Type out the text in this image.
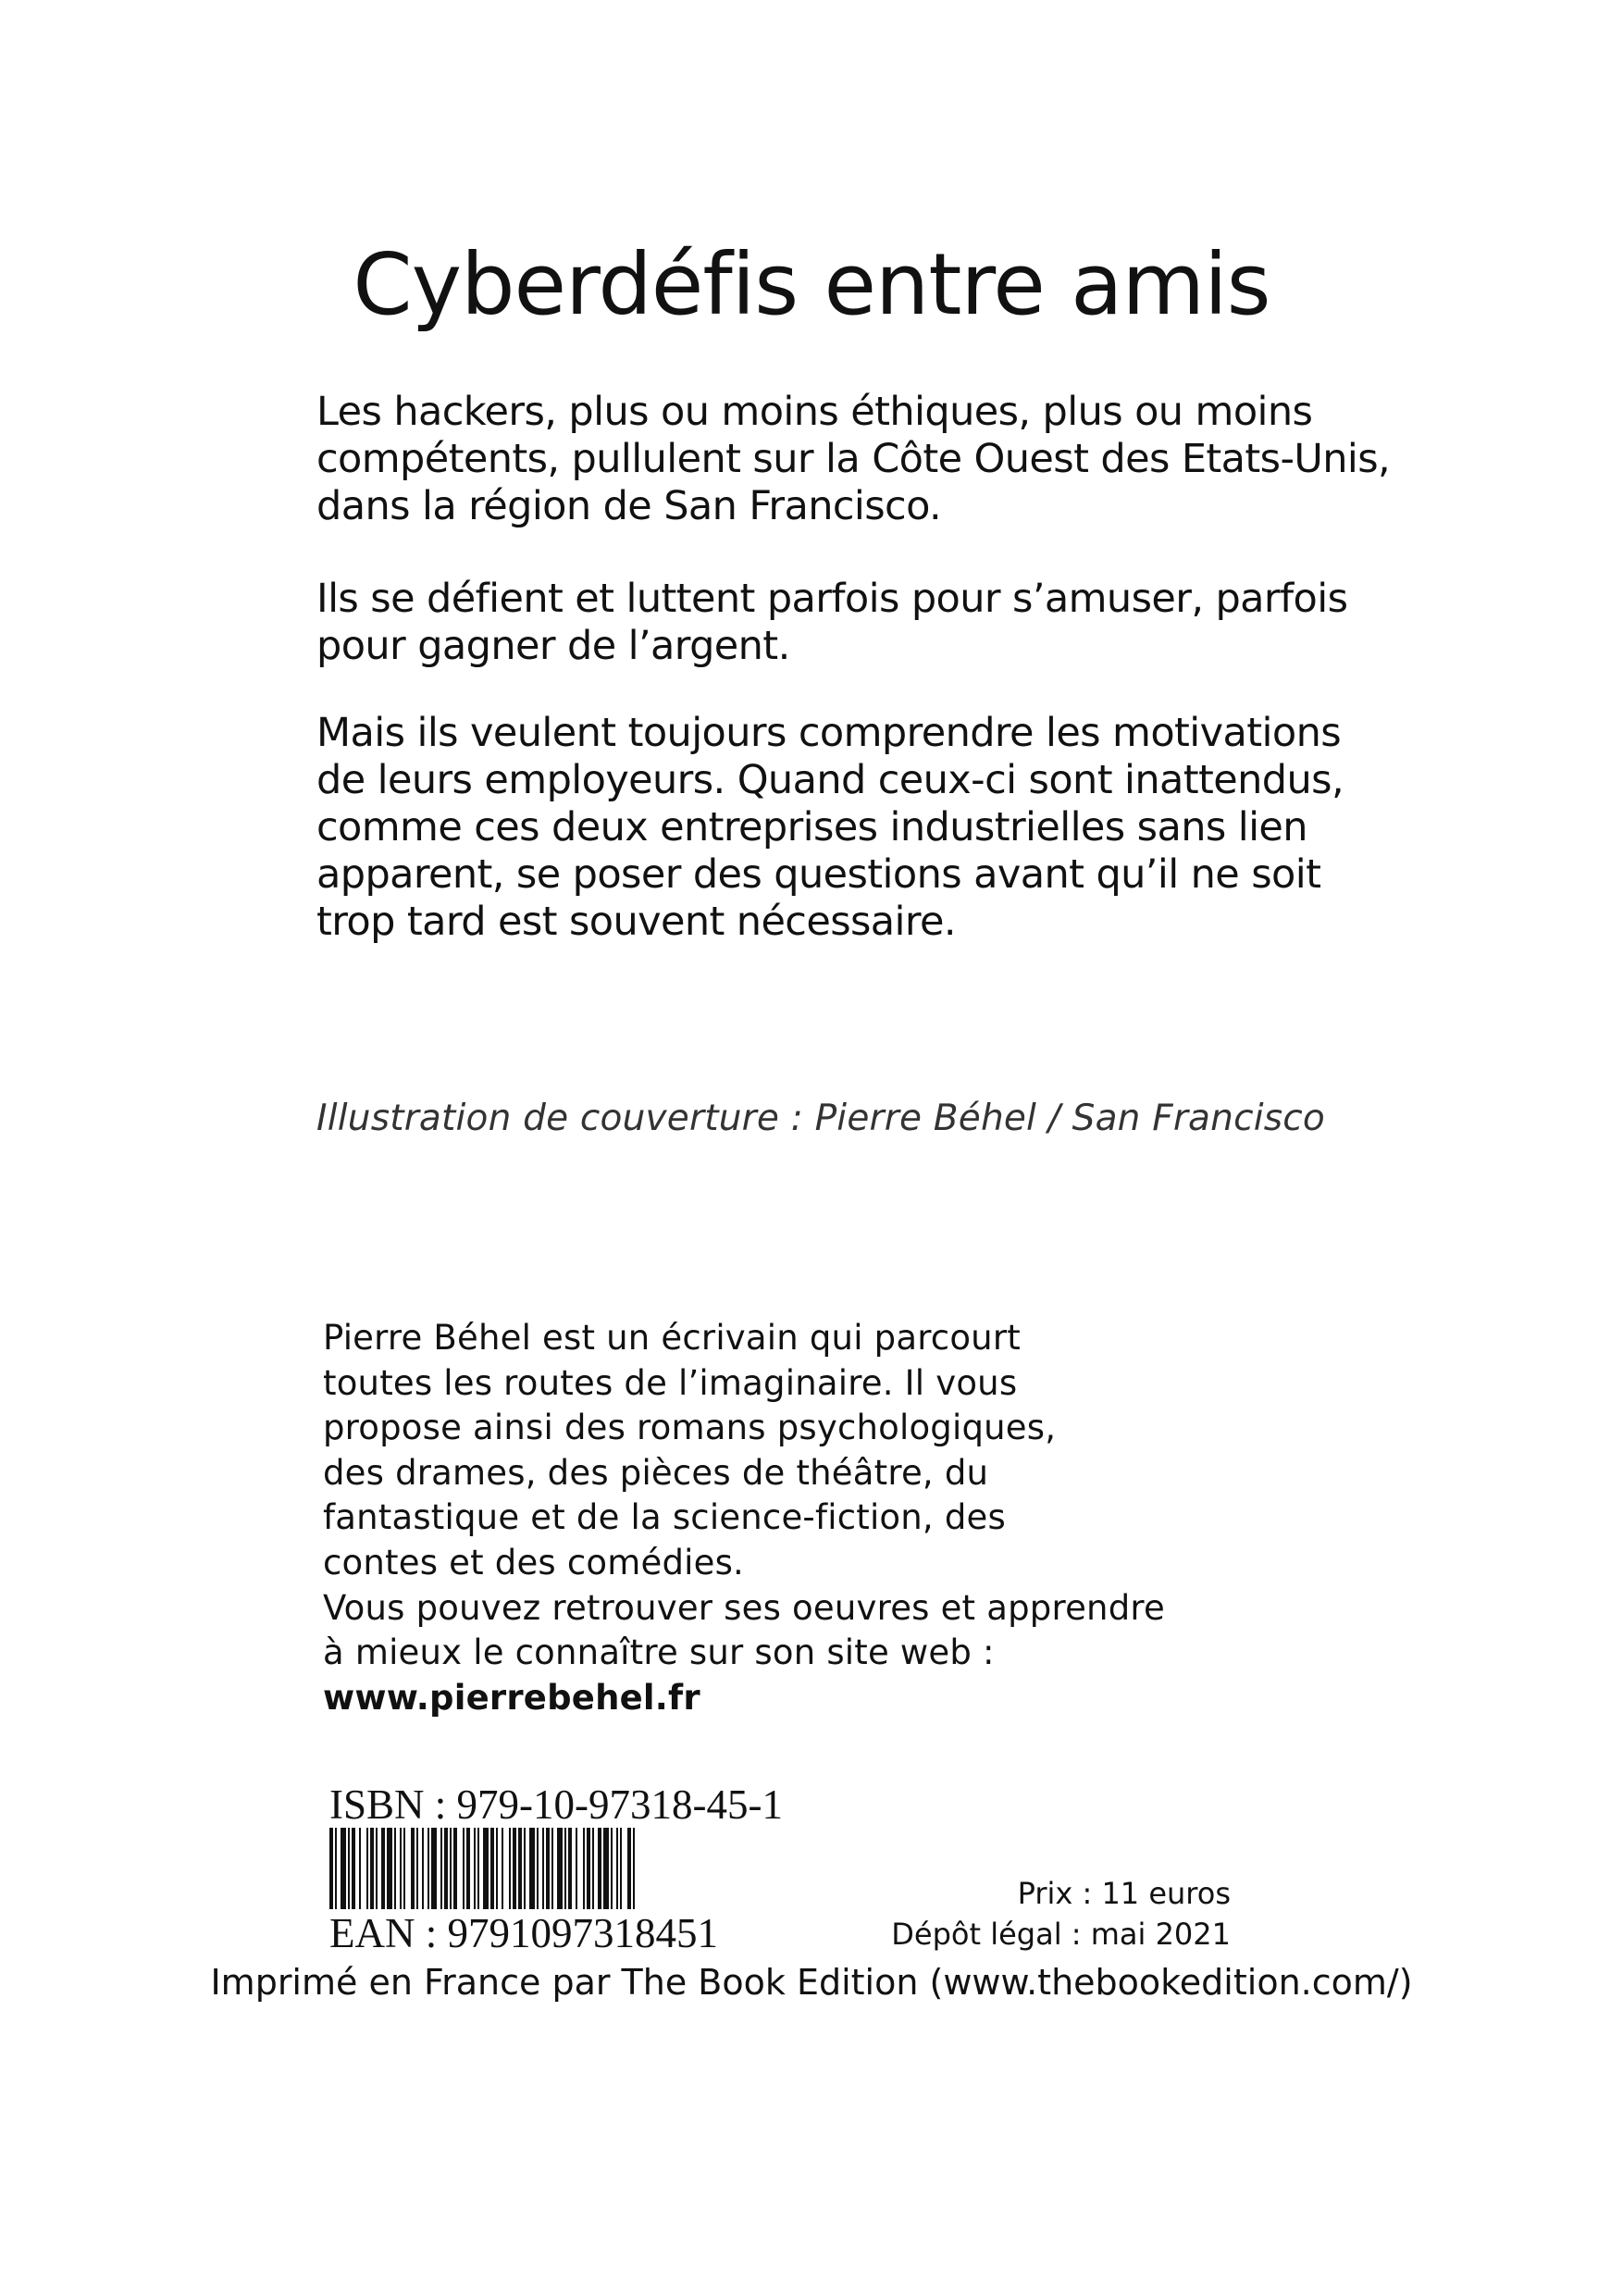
Cyberdéfis entre amis
Les hackers, plus ou moins éthiques, plus ou moins
compétents, pullulent sur la Côte Ouest des Etats-Unis,
dans la région de San Francisco.
Ils se défient et luttent parfois pour s’amuser, parfois
pour gagner de l’argent.
Mais ils veulent toujours comprendre les motivations
de leurs employeurs. Quand ceux-ci sont inattendus,
comme ces deux entreprises industrielles sans lien
apparent, se poser des questions avant qu’il ne soit
trop tard est souvent nécessaire.

Illustration de couverture : Pierre Béhel / San Francisco

Pierre Béhel est un écrivain qui parcourt
toutes les routes de l’imaginaire. Il vous
propose ainsi des romans psychologiques,
des drames, des pièces de théâtre, du
fantastique et de la science-fiction, des
contes et des comédies.
Vous pouvez retrouver ses oeuvres et apprendre
à mieux le connaître sur son site web :
www.pierrebehel.fr

ISBN : 979-10-97318-45-1

EAN : 9791097318451

Prix : 11 euros
Dépôt légal : mai 2021

Imprimé en France par The Book Edition (www.thebookedition.com/)
